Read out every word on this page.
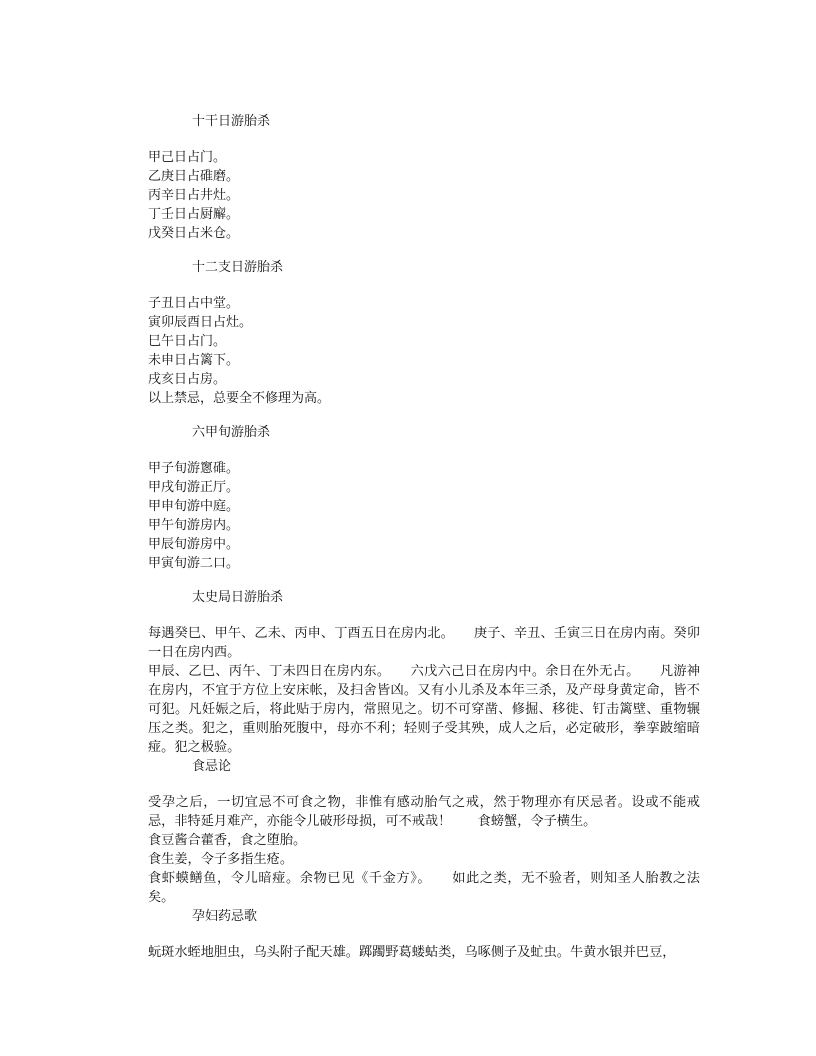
十干日游胎杀
甲己日占门。
乙庚日占碓磨。
丙辛日占井灶。
丁壬日占厨廨。
戊癸日占米仓。
十二支日游胎杀
子丑日占中堂。
寅卯辰酉日占灶。
巳午日占门。
未申日占篱下。
戌亥日占房。
以上禁忌，总要全不修理为高。
六甲旬游胎杀
甲子旬游窻碓。
甲戌旬游正厅。
甲申旬游中庭。
甲午旬游房内。
甲辰旬游房中。
甲寅旬游二口。
太史局日游胎杀

每遇癸巳、甲午、乙未、丙申、丁酉五日在房内北。　　庚子、辛丑、壬寅三日在房内南。癸卯一日在房内西。

甲辰、乙巳、丙午、丁未四日在房内东。　　六戊六己日在房内中。余日在外无占。　　凡游神在房内，不宜于方位上安床帐，及扫舍皆凶。又有小儿杀及本年三杀，及产母身黄定命，皆不可犯。凡妊娠之后，将此贴于房内，常照见之。切不可穿凿、修掘、移徙、钉击篱壁、重物辗压之类。犯之，重则胎死腹中，母亦不利；轻则子受其殃，成人之后，必定破形，拳挛跛缩暗痖。犯之极验。

食忌论

受孕之后，一切宜忌不可食之物，非惟有感动胎气之戒，然于物理亦有厌忌者。设或不能戒忌，非特延月难产，亦能令儿破形母损，可不戒哉！　　食螃蟹，令子横生。

食豆酱合藿香，食之堕胎。

食生姜，令子多指生疮。

食虾蟆鳝鱼，令儿暗痖。余物已见《千金方》。　　如此之类，无不验者，则知圣人胎教之法矣。

孕妇药忌歌

蚖斑水蛭地胆虫，乌头附子配天雄。踯躅野葛蝼蛄类，乌啄侧子及虻虫。牛黄水银并巴豆，
